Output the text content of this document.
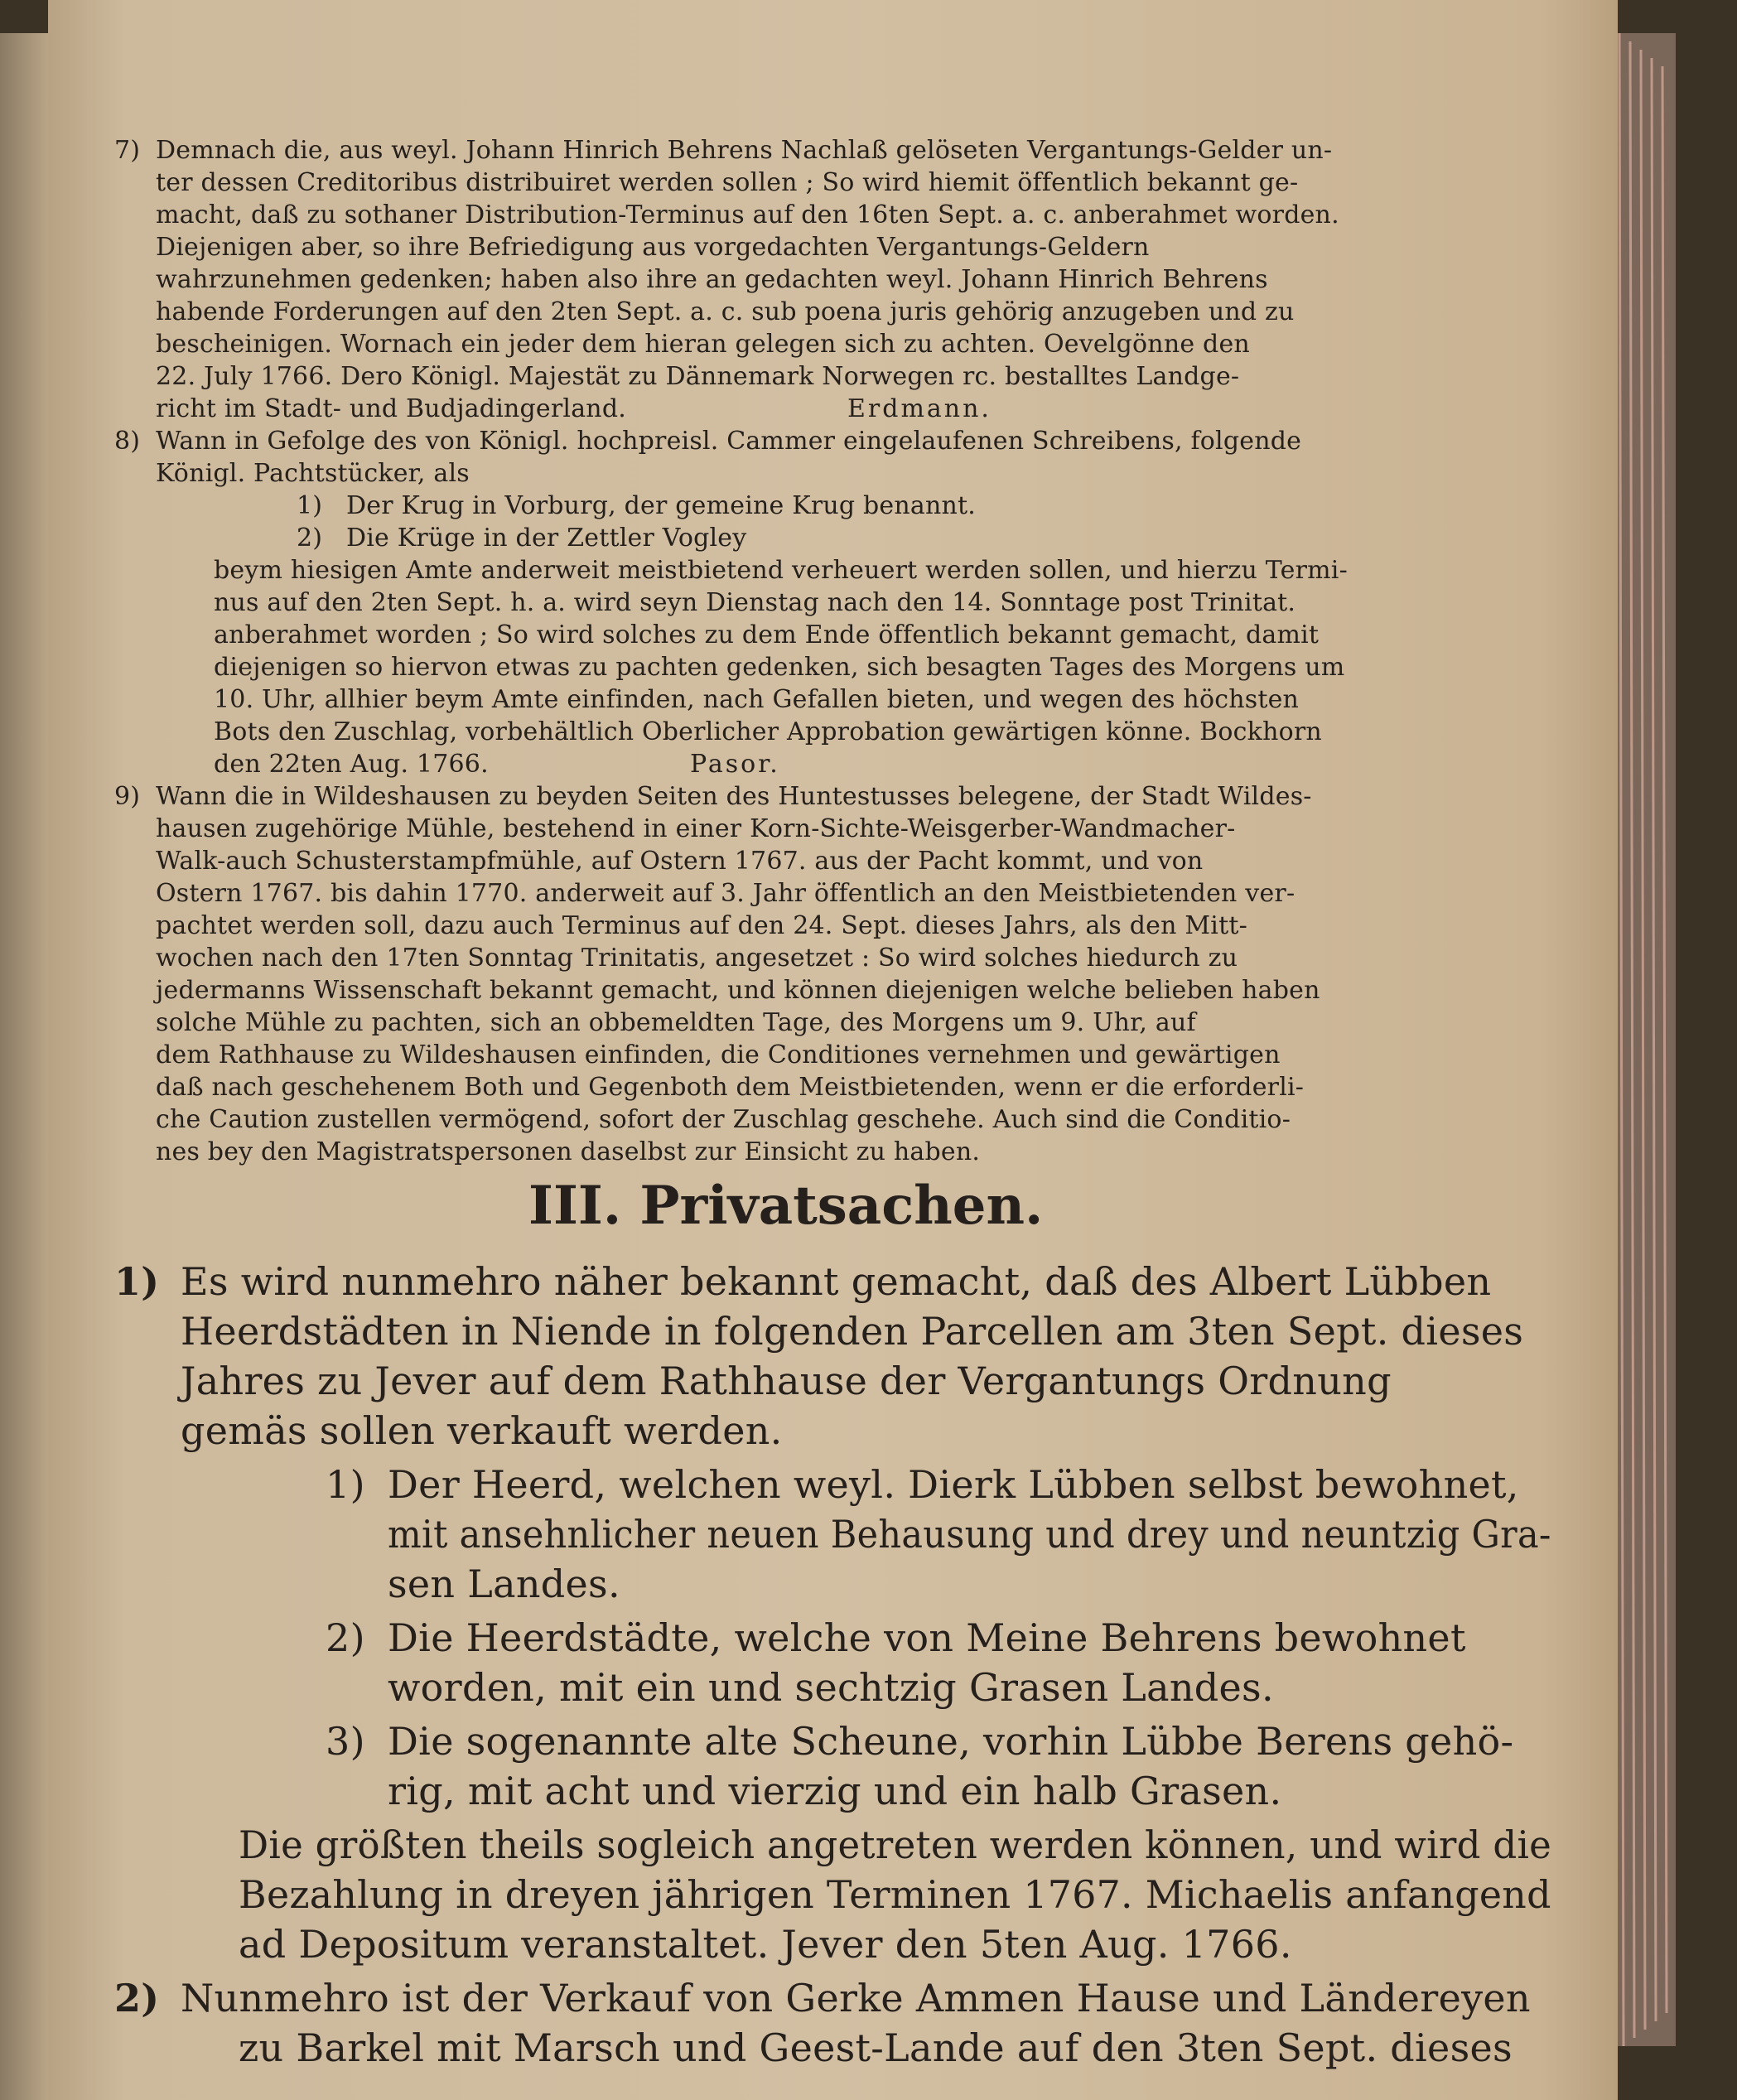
7) Demnach die, aus weyl. Johann Hinrich Behrens Nachlaß gelöseten Vergantungs-Gelder un-
ter dessen Creditoribus distribuiret werden sollen ; So wird hiemit öffentlich bekannt ge-
macht, daß zu sothaner Distribution-Terminus auf den 16ten Sept. a. c. anberahmet worden.
Diejenigen aber, so ihre Befriedigung aus vorgedachten Vergantungs-Geldern
wahrzunehmen gedenken; haben also ihre an gedachten weyl. Johann Hinrich Behrens
habende Forderungen auf den 2ten Sept. a. c. sub poena juris gehörig anzugeben und zu
bescheinigen. Wornach ein jeder dem hieran gelegen sich zu achten. Oevelgönne den
22. July 1766. Dero Königl. Majestät zu Dännemark Norwegen rc. bestalltes Landge-
richt im Stadt- und Budjadingerland.	Erdmann.
8) Wann in Gefolge des von Königl. hochpreisl. Cammer eingelaufenen Schreibens, folgende
Königl. Pachtstücker, als
1) Der Krug in Vorburg, der gemeine Krug benannt.
2) Die Krüge in der Zettler Vogley
beym hiesigen Amte anderweit meistbietend verheuert werden sollen, und hierzu Termi-
nus auf den 2ten Sept. h. a. wird seyn Dienstag nach den 14. Sonntage post Trinitat.
anberahmet worden ; So wird solches zu dem Ende öffentlich bekannt gemacht, damit
diejenigen so hiervon etwas zu pachten gedenken, sich besagten Tages des Morgens um
10. Uhr, allhier beym Amte einfinden, nach Gefallen bieten, und wegen des höchsten
Bots den Zuschlag, vorbehältlich Oberlicher Approbation gewärtigen könne. Bockhorn
den 22ten Aug. 1766.	Pasor.
9) Wann die in Wildeshausen zu beyden Seiten des Huntestusses belegene, der Stadt Wildes-
hausen zugehörige Mühle, bestehend in einer Korn-Sichte-Weisgerber-Wandmacher-
Walk-auch Schusterstampfmühle, auf Ostern 1767. aus der Pacht kommt, und von
Ostern 1767. bis dahin 1770. anderweit auf 3. Jahr öffentlich an den Meistbietenden ver-
pachtet werden soll, dazu auch Terminus auf den 24. Sept. dieses Jahrs, als den Mitt-
wochen nach den 17ten Sonntag Trinitatis, angesetzet : So wird solches hiedurch zu
jedermanns Wissenschaft bekannt gemacht, und können diejenigen welche belieben haben
solche Mühle zu pachten, sich an obbemeldten Tage, des Morgens um 9. Uhr, auf
dem Rathhause zu Wildeshausen einfinden, die Conditiones vernehmen und gewärtigen
daß nach geschehenem Both und Gegenboth dem Meistbietenden, wenn er die erforderli-
che Caution zustellen vermögend, sofort der Zuschlag geschehe. Auch sind die Conditio-
nes bey den Magistratspersonen daselbst zur Einsicht zu haben.
III. Privatsachen.
1) Es wird nunmehro näher bekannt gemacht, daß des Albert Lübben
Heerdstädten in Niende in folgenden Parcellen am 3ten Sept. dieses
Jahres zu Jever auf dem Rathhause der Vergantungs Ordnung
gemäs sollen verkauft werden.
1) Der Heerd, welchen weyl. Dierk Lübben selbst bewohnet,
mit ansehnlicher neuen Behausung und drey und neuntzig Gra-
sen Landes.
2) Die Heerdstädte, welche von Meine Behrens bewohnet
worden, mit ein und sechtzig Grasen Landes.
3) Die sogenannte alte Scheune, vorhin Lübbe Berens gehö-
rig, mit acht und vierzig und ein halb Grasen.
Die größten theils sogleich angetreten werden können, und wird die
Bezahlung in dreyen jährigen Terminen 1767. Michaelis anfangend
ad Depositum veranstaltet. Jever den 5ten Aug. 1766.
2) Nunmehro ist der Verkauf von Gerke Ammen Hause und Ländereyen
zu Barkel mit Marsch und Geest-Lande auf den 3ten Sept. dieses
